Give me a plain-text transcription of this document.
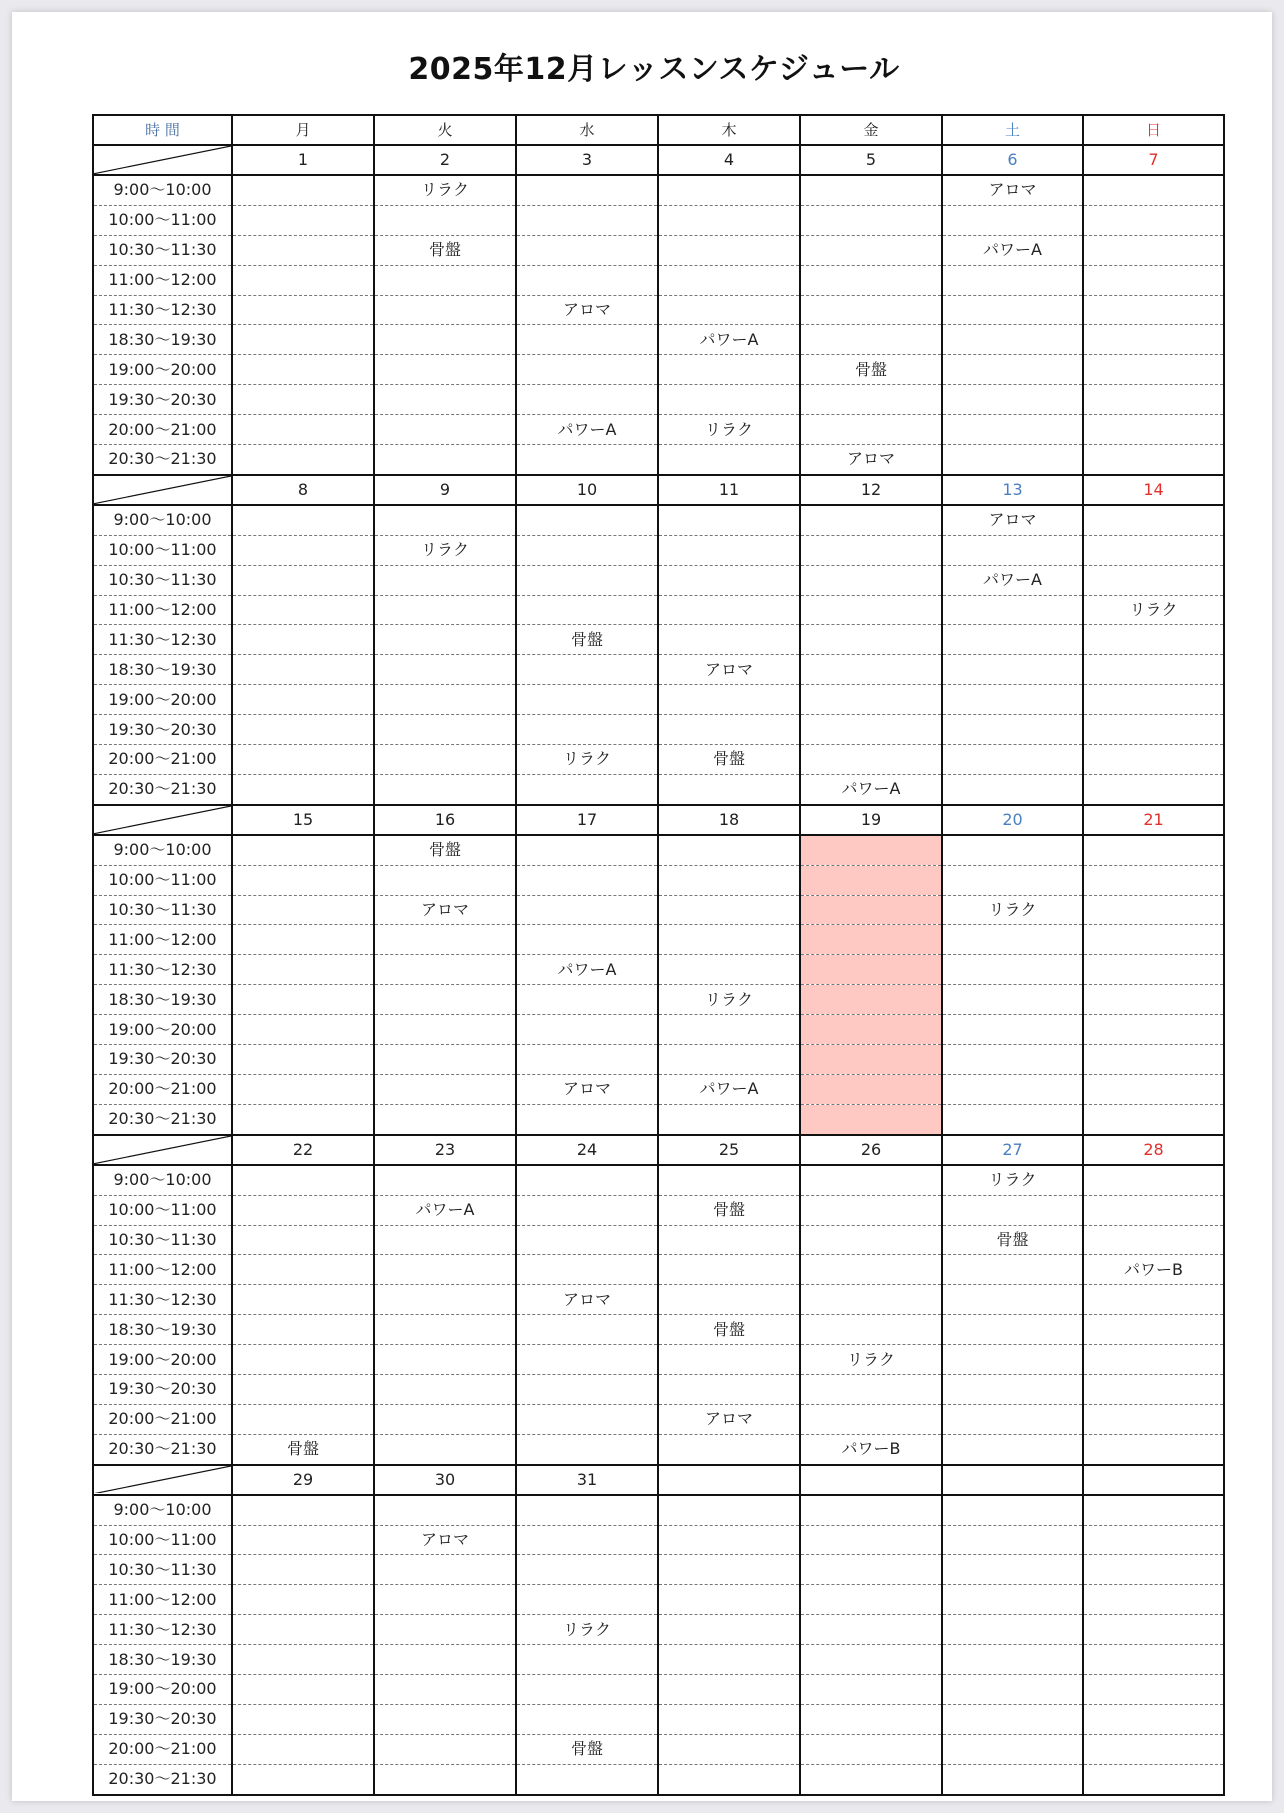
2025年12月レッスンスケジュール
時 間	月	火	水	木	金	土	日

	1	2	3	4	5	6	7
9:00〜10:00		リラク				アロマ	
10:00〜11:00							
10:30〜11:30		骨盤				パワーA	
11:00〜12:00							
11:30〜12:30			アロマ				
18:30〜19:30				パワーA			
19:00〜20:00					骨盤		
19:30〜20:30							
20:00〜21:00			パワーA	リラク			
20:30〜21:30					アロマ		

	8	9	10	11	12	13	14
9:00〜10:00						アロマ	
10:00〜11:00		リラク					
10:30〜11:30						パワーA	
11:00〜12:00							リラク
11:30〜12:30			骨盤				
18:30〜19:30				アロマ			
19:00〜20:00							
19:30〜20:30							
20:00〜21:00			リラク	骨盤			
20:30〜21:30					パワーA		

	15	16	17	18	19	20	21
9:00〜10:00		骨盤					
10:00〜11:00							
10:30〜11:30		アロマ				リラク	
11:00〜12:00							
11:30〜12:30			パワーA				
18:30〜19:30				リラク			
19:00〜20:00							
19:30〜20:30							
20:00〜21:00			アロマ	パワーA			
20:30〜21:30							

	22	23	24	25	26	27	28
9:00〜10:00						リラク	
10:00〜11:00		パワーA		骨盤			
10:30〜11:30						骨盤	
11:00〜12:00							パワーB
11:30〜12:30			アロマ				
18:30〜19:30				骨盤			
19:00〜20:00					リラク		
19:30〜20:30							
20:00〜21:00				アロマ			
20:30〜21:30	骨盤				パワーB		

	29	30	31				
9:00〜10:00							
10:00〜11:00		アロマ					
10:30〜11:30							
11:00〜12:00							
11:30〜12:30			リラク				
18:30〜19:30							
19:00〜20:00							
19:30〜20:30							
20:00〜21:00			骨盤				
20:30〜21:30							
